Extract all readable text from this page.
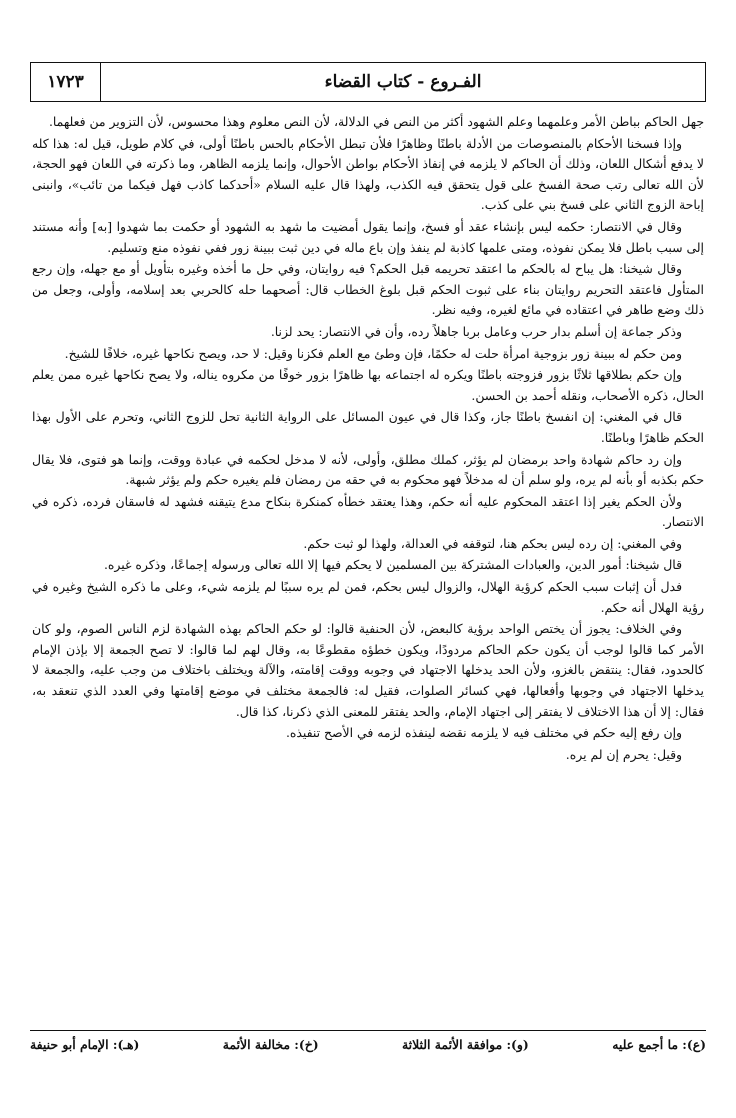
١٧٢٣	الفـروع - كتاب القضاء

جهل الحاكم بباطن الأمر وعلمهما وعلم الشهود أكثر من النص في الدلالة، لأن النص معلوم وهذا محسوس، لأن التزوير من فعلهما.

وإذا فسخنا الأحكام بالمنصوصات من الأدلة باطنًا وظاهرًا فلأن تبطل الأحكام بالحس باطنًا أولى، في كلام طويل، قيل له: هذا كله لا يدفع أشكال اللعان، وذلك أن الحاكم لا يلزمه في إنفاذ الأحكام بواطن الأحوال، وإنما يلزمه الظاهر، وما ذكرته في اللعان فهو الحجة، لأن الله تعالى رتب صحة الفسخ على قول يتحقق فيه الكذب، ولهذا قال عليه السلام «أحدكما كاذب فهل فيكما من تائب»، وانبنى إباحة الزوج الثاني على فسخ بني على كذب.

وقال في الانتصار: حكمه ليس بإنشاء عقد أو فسخ، وإنما يقول أمضيت ما شهد به الشهود أو حكمت بما شهدوا [به] وأنه مستند إلى سبب باطل فلا يمكن نفوذه، ومتى علمها كاذبة لم ينفذ وإن باع ماله في دين ثبت ببينة زور ففي نفوذه منع وتسليم.

وقال شيخنا: هل يباح له بالحكم ما اعتقد تحريمه قبل الحكم؟ فيه روايتان، وفي حل ما أخذه وغيره بتأويل أو مع جهله، وإن رجع المتأول فاعتقد التحريم روايتان بناء على ثبوت الحكم قبل بلوغ الخطاب قال: أصحهما حله كالحربي بعد إسلامه، وأولى، وجعل من ذلك وضع طاهر في اعتقاده في مائع لغيره، وفيه نظر.

وذكر جماعة إن أسلم بدار حرب وعامل بربا جاهلاً رده، وأن في الانتصار: يحد لزنا.

ومن حكم له ببينة زور بزوجية امرأة حلت له حكمًا، فإن وطئ مع العلم فكزنا وقيل: لا حد، ويصح نكاحها غيره، خلافًا للشيخ.

وإن حكم بطلاقها ثلاثًا بزور فزوجته باطنًا ويكره له اجتماعه بها ظاهرًا بزور خوفًا من مكروه يناله، ولا يصح نكاحها غيره ممن يعلم الحال، ذكره الأصحاب، ونقله أحمد بن الحسن.

قال في المغني: إن انفسخ باطنًا جاز، وكذا قال في عيون المسائل على الرواية الثانية تحل للزوج الثاني، وتحرم على الأول بهذا الحكم ظاهرًا وباطنًا.

وإن رد حاكم شهادة واحد برمضان لم يؤثر، كملك مطلق، وأولى، لأنه لا مدخل لحكمه في عبادة ووقت، وإنما هو فتوى، فلا يقال حكم بكذبه أو بأنه لم يره، ولو سلم أن له مدخلاً فهو محكوم به في حقه من رمضان فلم يغيره حكم ولم يؤثر شبهة.

ولأن الحكم يغير إذا اعتقد المحكوم عليه أنه حكم، وهذا يعتقد خطأه كمنكرة بنكاح مدع يتيقنه فشهد له فاسقان فرده، ذكره في الانتصار.

وفي المغني: إن رده ليس بحكم هنا، لتوقفه في العدالة، ولهذا لو ثبت حكم.

قال شيخنا: أمور الدين، والعبادات المشتركة بين المسلمين لا يحكم فيها إلا الله تعالى ورسوله إجماعًا، وذكره غيره.

فدل أن إثبات سبب الحكم كرؤية الهلال، والزوال ليس بحكم، فمن لم يره سببًا لم يلزمه شيء، وعلى ما ذكره الشيخ وغيره في رؤية الهلال أنه حكم.

وفي الخلاف: يجوز أن يختص الواحد برؤية كالبعض، لأن الحنفية قالوا: لو حكم الحاكم بهذه الشهادة لزم الناس الصوم، ولو كان الأمر كما قالوا لوجب أن يكون حكم الحاكم مردودًا، ويكون خطؤه مقطوعًا به، وقال لهم لما قالوا: لا تصح الجمعة إلا بإذن الإمام كالحدود، فقال: ينتقض بالغزو، ولأن الحد يدخلها الاجتهاد في وجوبه ووقت إقامته، والآلة ويختلف باختلاف من وجب عليه، والجمعة لا يدخلها الاجتهاد في وجوبها وأفعالها، فهي كسائر الصلوات، فقيل له: فالجمعة مختلف في موضع إقامتها وفي العدد الذي تنعقد به، فقال: إلا أن هذا الاختلاف لا يفتقر إلى اجتهاد الإمام، والحد يفتقر للمعنى الذي ذكرنا، كذا قال.

وإن رفع إليه حكم في مختلف فيه لا يلزمه نقضه لينفذه لزمه في الأصح تنفيذه.

وقيل: يحرم إن لم يره.

(ع): ما أجمع عليه
(و): موافقة الأئمة الثلاثة
(خ): مخالفة الأئمة
(هـ): الإمام أبو حنيفة
